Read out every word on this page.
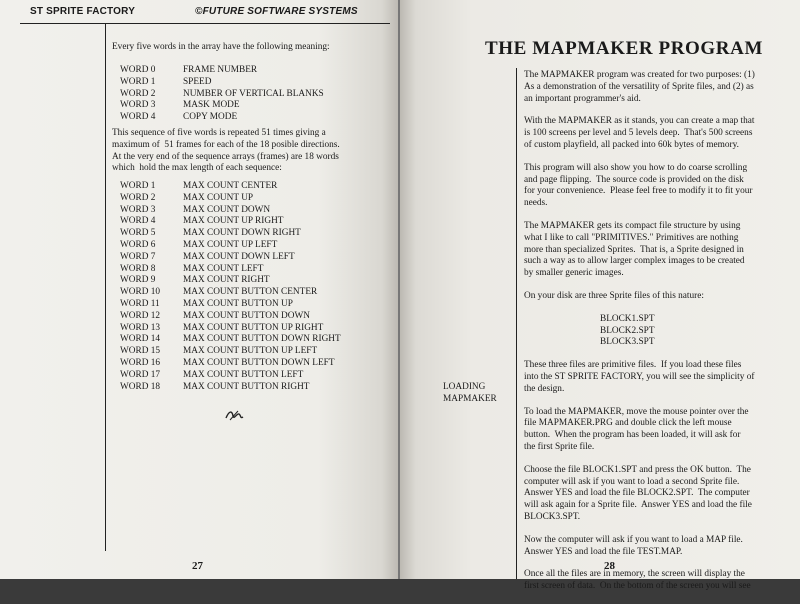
ST SPRITE FACTORY	©FUTURE SOFTWARE SYSTEMS
Every five words in the array have the following meaning:
WORD 0	FRAME NUMBER
WORD 1	SPEED
WORD 2	NUMBER OF VERTICAL BLANKS
WORD 3	MASK MODE
WORD 4	COPY MODE
This sequence of five words is repeated 51 times giving a
maximum of  51 frames for each of the 18 posible directions.
At the very end of the sequence arrays (frames) are 18 words
which  hold the max length of each sequence:
WORD 1	MAX COUNT CENTER
WORD 2	MAX COUNT UP
WORD 3	MAX COUNT DOWN
WORD 4	MAX COUNT UP RIGHT
WORD 5	MAX COUNT DOWN RIGHT
WORD 6	MAX COUNT UP LEFT
WORD 7	MAX COUNT DOWN LEFT
WORD 8	MAX COUNT LEFT
WORD 9	MAX COUNT RIGHT
WORD 10	MAX COUNT BUTTON CENTER
WORD 11	MAX COUNT BUTTON UP
WORD 12	MAX COUNT BUTTON DOWN
WORD 13	MAX COUNT BUTTON UP RIGHT
WORD 14	MAX COUNT BUTTON DOWN RIGHT
WORD 15	MAX COUNT BUTTON UP LEFT
WORD 16	MAX COUNT BUTTON DOWN LEFT
WORD 17	MAX COUNT BUTTON LEFT
WORD 18	MAX COUNT BUTTON RIGHT
27
THE MAPMAKER PROGRAM

The MAPMAKER program was created for two purposes: (1)
As a demonstration of the versatility of Sprite files, and (2) as
an important programmer's aid.

With the MAPMAKER as it stands, you can create a map that
is 100 screens per level and 5 levels deep.  That's 500 screens
of custom playfield, all packed into 60k bytes of memory.

This program will also show you how to do coarse scrolling
and page flipping.  The source code is provided on the disk
for your convenience.  Please feel free to modify it to fit your
needs.

The MAPMAKER gets its compact file structure by using
what I like to call "PRIMITIVES." Primitives are nothing
more than specialized Sprites.  That is, a Sprite designed in
such a way as to allow larger complex images to be created
by smaller generic images.

On your disk are three Sprite files of this nature:

BLOCK1.SPT
BLOCK2.SPT
BLOCK3.SPT

These three files are primitive files.  If you load these files
into the ST SPRITE FACTORY, you will see the simplicity of
the design.

To load the MAPMAKER, move the mouse pointer over the
file MAPMAKER.PRG and double click the left mouse
button.  When the program has been loaded, it will ask for
the first Sprite file.

Choose the file BLOCK1.SPT and press the OK button.  The
computer will ask if you want to load a second Sprite file.
Answer YES and load the file BLOCK2.SPT.  The computer
will ask again for a Sprite file.  Answer YES and load the file
BLOCK3.SPT.

Now the computer will ask if you want to load a MAP file.
Answer YES and load the file TEST.MAP.

Once all the files are in memory, the screen will display the
first screen of data.  On the bottom of the screen you will see

LOADING
MAPMAKER
28
